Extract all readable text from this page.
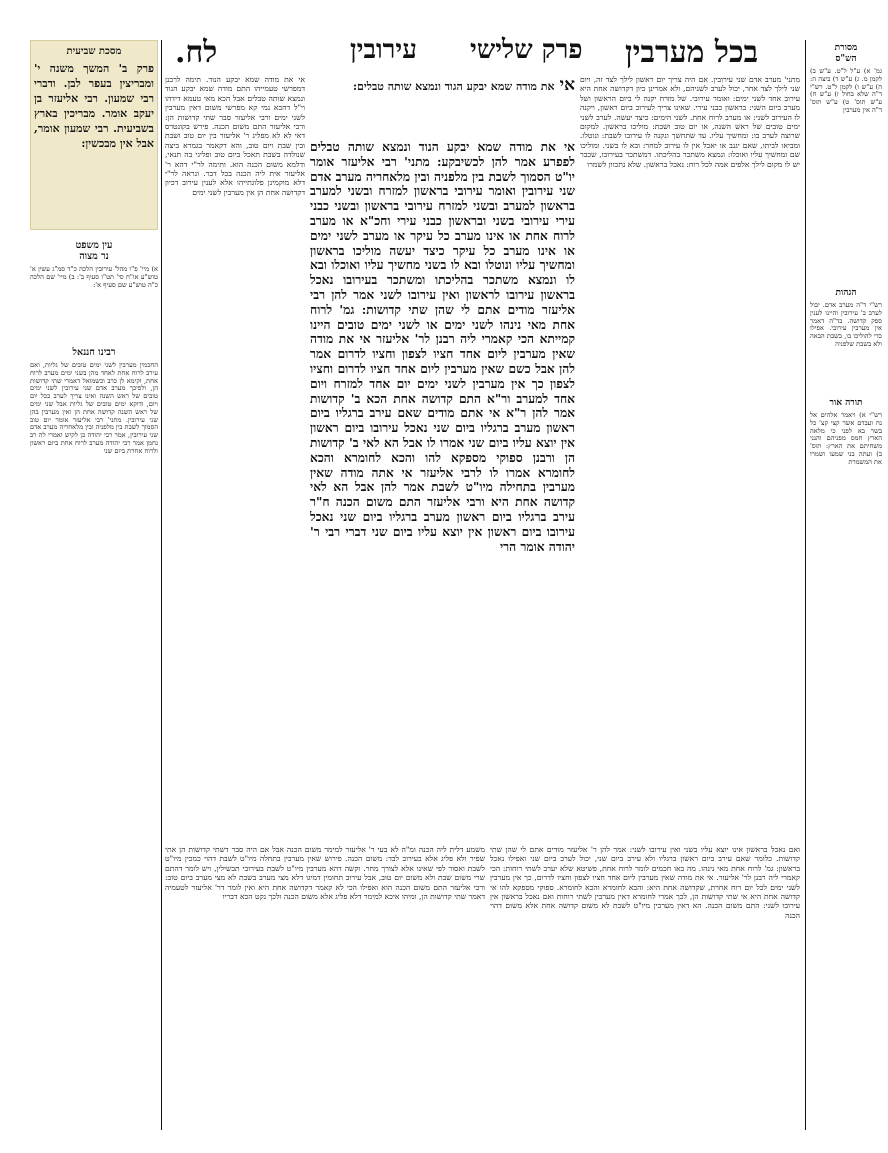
לח.	עירובין פרק שלישי בכל מערבין	מסורת
הש"ס
גמ' א) ע"ל ל"ט. ע"ש ב) לקמן מ. ג) ע"ש ד) ביצה ה: ה) ע"ש ו) לקמן ל"ט. רש"י ד"ה שלא בחול ז) ע"ש ח) ע"ש תוס' ט) ע"ש תוס' ד"ה אין מערבין
הגהות
רש"י ד"ה מערב אדם. יבול לערב ב' עירובין והיינו לענין ספק קדושה. בד"ה דאמר אין מערבין עירובי. אפילו כדי להוליכו בו, בשבת הבאה ולא בשבת שלפניה
תורה אור
רש"י א) ויאמר אלהים אל נח ועבדם אשר קצי קצ' כל בשר בא לפני כי מלאה הארץ חמס מפניהם והנני משחיתם את הארץ: תוס' ב) ועתה בני שמעו ושמרו את המשמרת
מסכת שביעית
פרק ב' המשך משנה י' ומבריצין בעפר לבן. ודברי רבי שמעון. רבי אליעזר בן יעקב אומר. מבריכין בארץ בשביעית. רבי שמעון אומר, אבל אין מבכשין:
עין משפט
נר מצוה
א) מיי' פ"ו מהל' עירובין הלכה כ"ד סמ"ג עשין א' טוש"ע או"ח סי' תט"ו סעיף ב': ב) מיי' שם הלכה כ"ה טוש"ע שם סעיף א':
רבינו חננאל
החכמין מערבין לשני ימים טובים של גליות, ואם עירב לרוח אחת לאחד מהן בשני ימים מערב לרוח אחת, וקימא לן כרב וכשמואל דאמרי שתי קדושות הן, ולפיכך מערב אדם שני עירובין לשני ימים טובים של ראש השנה ואינו צריך לערב בכל יום ויום, ודוקא ימים טובים של גליות אבל שני ימים של ראש השנה קדושה אחת הן ואין מערבין בהן שני עירובין. מתני' רבי אליעזר אומר יום טוב הסמוך לשבת בין מלפניה ובין מלאחריה מערב אדם שני עירובין, אמר רבי יהודה בן לקיש ואמרי לה רב נחמן אמר רבי יהודה מערב לרוח אחת ביום ראשון ולרוח אחרת ביום שני
אי את מודה שמא יבקע הנוד. תימה לרבנן דמפרשי טעמייהו התם מודה שמא יבקע הנוד ונמצא שותה טבלים אבל הכא מאי טעמא דידהו וי"ל דהכא נמי קא מפרשי משום דאין מערבין לשני ימים ורבי אליעזר סבר שתי קדושות הן: ורבי אליעזר התם משום הכנה. פירש בקונטרס דאי לא לא מפליג ר' אליעזר בין יום טוב ושבת ובין שבת ויום טוב, והא דקאמר בגמרא ביצה שנולדה בשבת תאכל ביום טוב ופליגי בה תנאי, ודלמא משום הכנה הוא. ותימה לר"י דהא ר' אליעזר אית ליה הכנה בכל דבר. ונראה לר"י דלא מוקמינן פלוגתייהו אלא לענין עירוב דכיון דקדושה אחת הן אין מערבין לשני ימים
מתני' מערב אדם שני עירובין. אם היה צריך יום ראשון לילך לצד זה, ויום שני לילך לצד אחר, יכול לערב לשניהם, ולא אמרינן כיון דקדושה אחת היא עירוב אחד לשני ימים: ואומר עירובי. של מזרח יקנה לי ביום הראשון ושל מערב ביום השני: בראשון כבני עירי. שאינו צריך לעירוב ביום ראשון, ויקנה לו העירוב לשני: או מערב לרוח אחת. לשני הימים: כיצד יעשה. לערב לשני ימים טובים של ראש השנה, או יום טוב ושבת: מוליכו בראשון. למקום שרוצה לערב בו: ומחשיך עליו. עד שתחשך ונקנה לו עירובו לשבת: ונוטלו. ומביאו לביתו, שאם יגנב או יאכל אין לו עירוב למחר: ובא לו בשני. ומוליכו שם ומחשיך עליו ואוכלו: ונמצא משתכר בהליכתו. דמשתכר בעירובו, שכבר יש לו מקום לילך אלפים אמה לכל רוח: נאכל בראשון. שלא נתכוון לשמרו
אי את מודה שמא יבקע הגוד ונמצא שותה טבלים:
אי את מודה שמא יבקע הנוד ונמצא שותה טבלים לפפרע אמר להן לכשיבקע: מתני' רבי אליעזר אומר יו"ט הסמוך לשבת בין מלפניה ובין מלאחריה מערב אדם שני עירובין ואומר עירובי בראשון למזרח ובשני למערב בראשון למערב ובשני למזרח עירובי בראשון ובשני כבני עירי עירובי בשני ובראשון כבני עירי וחכ"א או מערב לרוח אחת או אינו מערב כל עיקר או מערב לשני ימים או אינו מערב כל עיקר כיצד יעשה מוליכו בראשון ומחשיך עליו ונוטלו ובא לו בשני מחשיך עליו ואוכלו ובא לו ונמצא משתכר בהליכתו ומשתכר בעירובו נאכל בראשון עירובו לראשון ואין עירובו לשני אמר להן רבי אליעזר מודים אתם לי שהן שתי קדושות: גמ' לרוח אחת מאי נינהו לשני ימים או לשני ימים טובים היינו קמייתא הכי קאמרי ליה רבנן לר' אליעזר אי את מודה שאין מערבין ליום אחד חציו לצפון וחציו לדרום אמר להן אבל כשם שאין מערבין ליום אחד חציו לדרום וחציו לצפון כך אין מערבין לשני ימים יום אחד למזרח ויום אחד למערב ור"א התם קדושה אחת הכא ב' קדושות אמר להן ר"א אי אתם מודים שאם עירב ברגליו ביום ראשון מערב ברגליו ביום שני נאכל עירובו ביום ראשון אין יוצא עליו ביום שני אמרו לו אבל הא לאי ב' קדושות הן ורבנן ספוקי מספקא להו והכא לחומרא והכא לחומרא אמרו לו לרבי אליעזר אי אתה מודה שאין מערבין בתחילה מיו"ט לשבת אמר להן אבל הא לאי קדושה אחת היא ורבי אליעזר התם משום הכנה ח"ר עירב ברגליו ביום ראשון מערב ברגליו ביום שני נאכל עירובו ביום ראשון אין יוצא עליו ביום שני דברי רבי ר' יהודה אומר הרי
משמע דלית ליה הכנה ומ"ה לא בעי ר' אליעזר למימר משום הכנה אבל אם היה סבר דשתי קדושות הן אתי שפיר ולא פליג אלא בעירוב לבד: משום הכנה. פירוש שאין מערבין בתחלה מיו"ט לשבת דהוי כמכין מיו"ט לשבת ואסור לפי שאינו אלא לצורך מחר. וקשה דהא מערבין מיו"ט לשבת בעירובי תבשילין, ויש לומר דהתם שרי משום שבת ולא משום יום טוב, אבל עירוב תחומין דמיגו דלא מצי מערב בשבת לא מצי מערב ביום טוב: ורבי אליעזר התם משום הכנה הוא ואפילו הכי לא קאמר דקדושה אחת היא ואין לומר דר' אליעזר לטעמיה דאמר שתי קדושות הן, ומיהו איכא למימר דלא פליג אלא משום הכנה ולכך נקט הכא דבריו
ואם נאכל בראשון אינו יוצא עליו בשני ואין עירובו לשני: אמר להן ר' אליעזר מודים אתם לי שהן שתי קדושות. כלומר שאם עירב ביום ראשון ברגליו ולא עירב ביום שני, יכול לערב ביום שני ואפילו נאכל בראשון: גמ' לרוח אחת מאי נינהו. מה באו חכמים לומר לרוח אחת, פשיטא שלא יערב לשתי רוחות: הכי קאמרי ליה רבנן לר' אליעזר. אי את מודה שאין מערבין ליום אחד חציו לצפון וחציו לדרום, כך אין מערבין לשני ימים לכל יום רוח אחרת, שקדושה אחת היא: והכא לחומרא והכא לחומרא. ספוקי מספקא להו אי קדושה אחת היא אי שתי קדושות הן, לכך אמרי לחומרא דאין מערבין לשתי רוחות ואם נאכל בראשון אין עירובו לשני: התם משום הכנה. הא דאין מערבין מיו"ט לשבת לא משום קדושה אחת אלא משום דהוי הכנה
